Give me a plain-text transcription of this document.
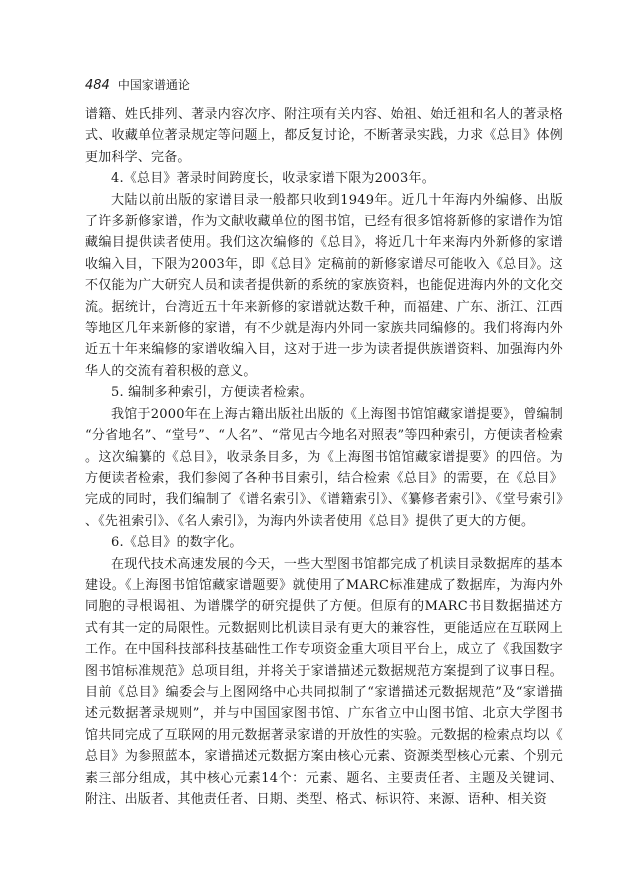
484 中国家谱通论

谱籍、姓氏排列、著录内容次序、附注项有关内容、始祖、始迁祖和名人的著录格式、收藏单位著录规定等问题上，都反复讨论，不断著录实践，力求《总目》体例更加科学、完备。

4.《总目》著录时间跨度长，收录家谱下限为2003年。

大陆以前出版的家谱目录一般都只收到1949年。近几十年海内外编修、出版了许多新修家谱，作为文献收藏单位的图书馆，已经有很多馆将新修的家谱作为馆藏编目提供读者使用。我们这次编修的《总目》，将近几十年来海内外新修的家谱收编入目，下限为2003年，即《总目》定稿前的新修家谱尽可能收入《总目》。这不仅能为广大研究人员和读者提供新的系统的家族资料，也能促进海内外的文化交流。据统计，台湾近五十年来新修的家谱就达数千种，而福建、广东、浙江、江西等地区几年来新修的家谱，有不少就是海内外同一家族共同编修的。我们将海内外近五十年来编修的家谱收编入目，这对于进一步为读者提供族谱资料、加强海内外华人的交流有着积极的意义。

5. 编制多种索引，方便读者检索。

我馆于2000年在上海古籍出版社出版的《上海图书馆馆藏家谱提要》，曾编制“分省地名”、“堂号”、“人名”、“常见古今地名对照表”等四种索引，方便读者检索。这次编纂的《总目》，收录条目多，为《上海图书馆馆藏家谱提要》的四倍。为方便读者检索，我们参阅了各种书目索引，结合检索《总目》的需要，在《总目》完成的同时，我们编制了《谱名索引》、《谱籍索引》、《纂修者索引》、《堂号索引》、《先祖索引》、《名人索引》，为海内外读者使用《总目》提供了更大的方便。

6.《总目》的数字化。

在现代技术高速发展的今天，一些大型图书馆都完成了机读目录数据库的基本建设。《上海图书馆馆藏家谱题要》就使用了MARC标准建成了数据库，为海内外同胞的寻根谒祖、为谱牒学的研究提供了方便。但原有的MARC书目数据描述方式有其一定的局限性。元数据则比机读目录有更大的兼容性，更能适应在互联网上工作。在中国科技部科技基础性工作专项资金重大项目平台上，成立了《我国数字图书馆标准规范》总项目组，并将关于家谱描述元数据规范方案提到了议事日程。目前《总目》编委会与上图网络中心共同拟制了“家谱描述元数据规范”及“家谱描述元数据著录规则”，并与中国国家图书馆、广东省立中山图书馆、北京大学图书馆共同完成了互联网的用元数据著录家谱的开放性的实验。元数据的检索点均以《总目》为参照蓝本，家谱描述元数据方案由核心元素、资源类型核心元素、个别元素三部分组成，其中核心元素14个：元素、题名、主要责任者、主题及关键词、附注、出版者、其他责任者、日期、类型、格式、标识符、来源、语种、相关资
